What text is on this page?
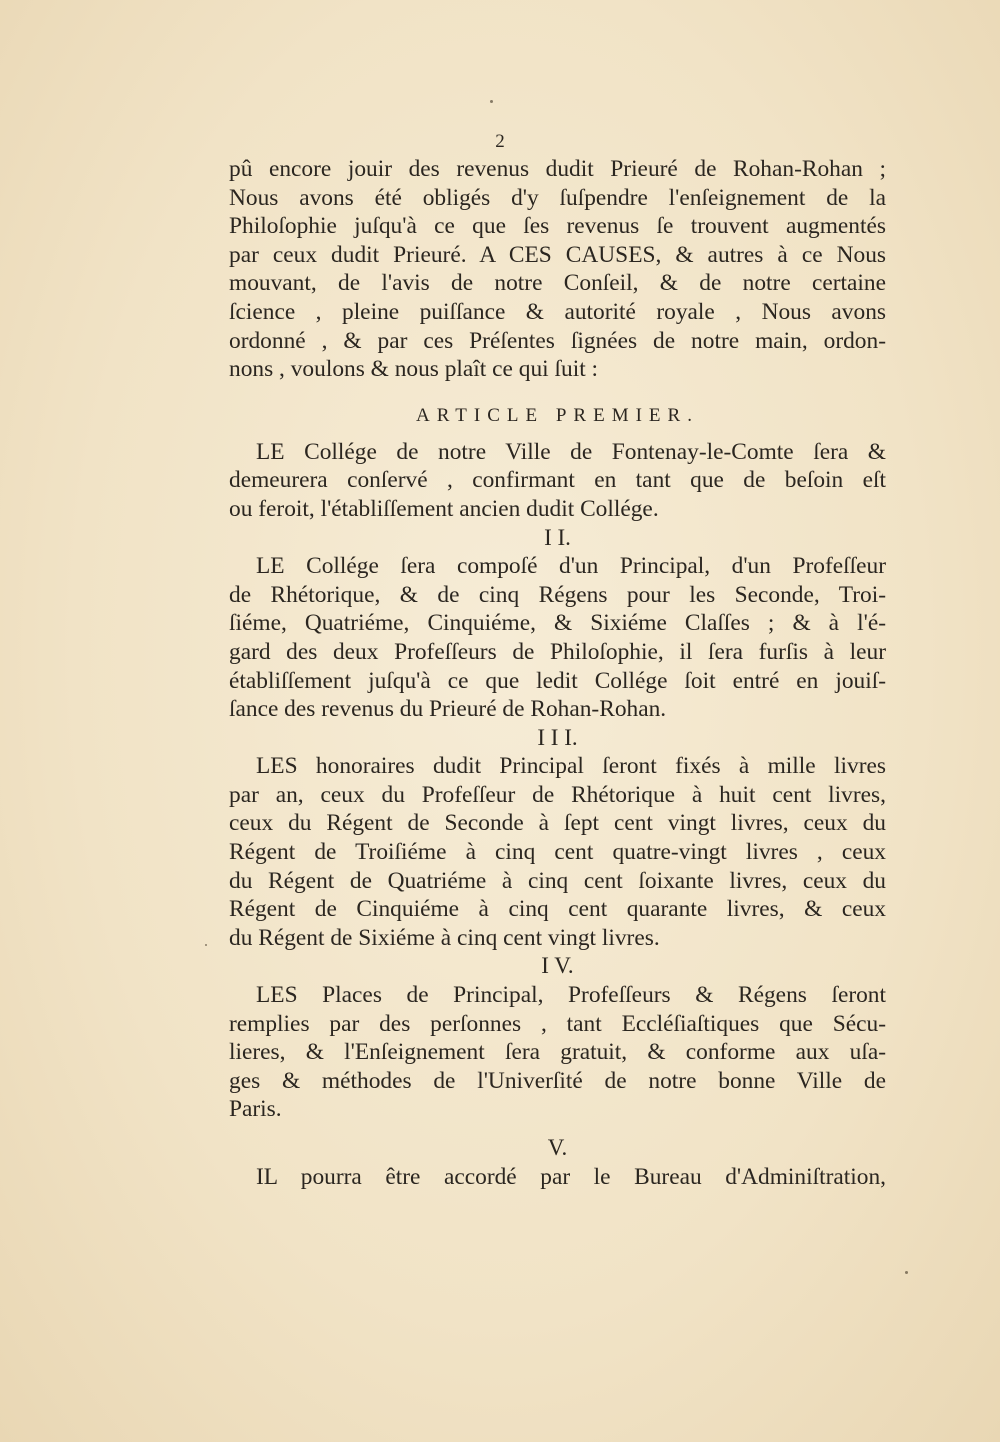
2
pû encore jouir des revenus dudit Prieuré de Rohan-Rohan ;
Nous avons été obligés d'y ſuſpendre l'enſeignement de la
Philoſophie juſqu'à ce que ſes revenus ſe trouvent augmentés
par ceux dudit Prieuré. A CES CAUSES, & autres à ce Nous
mouvant, de l'avis de notre Conſeil, & de notre certaine
ſcience , pleine puiſſance & autorité royale , Nous avons
ordonné , & par ces Préſentes ſignées de notre main, ordon-
nons , voulons & nous plaît ce qui ſuit :
ARTICLE PREMIER.
LE Collége de notre Ville de Fontenay-le-Comte ſera &
demeurera conſervé , confirmant en tant que de beſoin eſt
ou feroit, l'établiſſement ancien dudit Collége.
I I.
LE Collége ſera compoſé d'un Principal, d'un Profeſſeur
de Rhétorique, & de cinq Régens pour les Seconde, Troi-
ſiéme, Quatriéme, Cinquiéme, & Sixiéme Claſſes ; & à l'é-
gard des deux Profeſſeurs de Philoſophie, il ſera furſis à leur
établiſſement juſqu'à ce que ledit Collége ſoit entré en jouiſ-
ſance des revenus du Prieuré de Rohan-Rohan.
I I I.
LES honoraires dudit Principal ſeront fixés à mille livres
par an, ceux du Profeſſeur de Rhétorique à huit cent livres,
ceux du Régent de Seconde à ſept cent vingt livres, ceux du
Régent de Troiſiéme à cinq cent quatre-vingt livres , ceux
du Régent de Quatriéme à cinq cent ſoixante livres, ceux du
Régent de Cinquiéme à cinq cent quarante livres, & ceux
du Régent de Sixiéme à cinq cent vingt livres.
I V.
LES Places de Principal, Profeſſeurs & Régens ſeront
remplies par des perſonnes , tant Eccléſiaſtiques que Sécu-
lieres, & l'Enſeignement ſera gratuit, & conforme aux uſa-
ges & méthodes de l'Univerſité de notre bonne Ville de
Paris.
V.
IL pourra être accordé par le Bureau d'Adminiſtration,
